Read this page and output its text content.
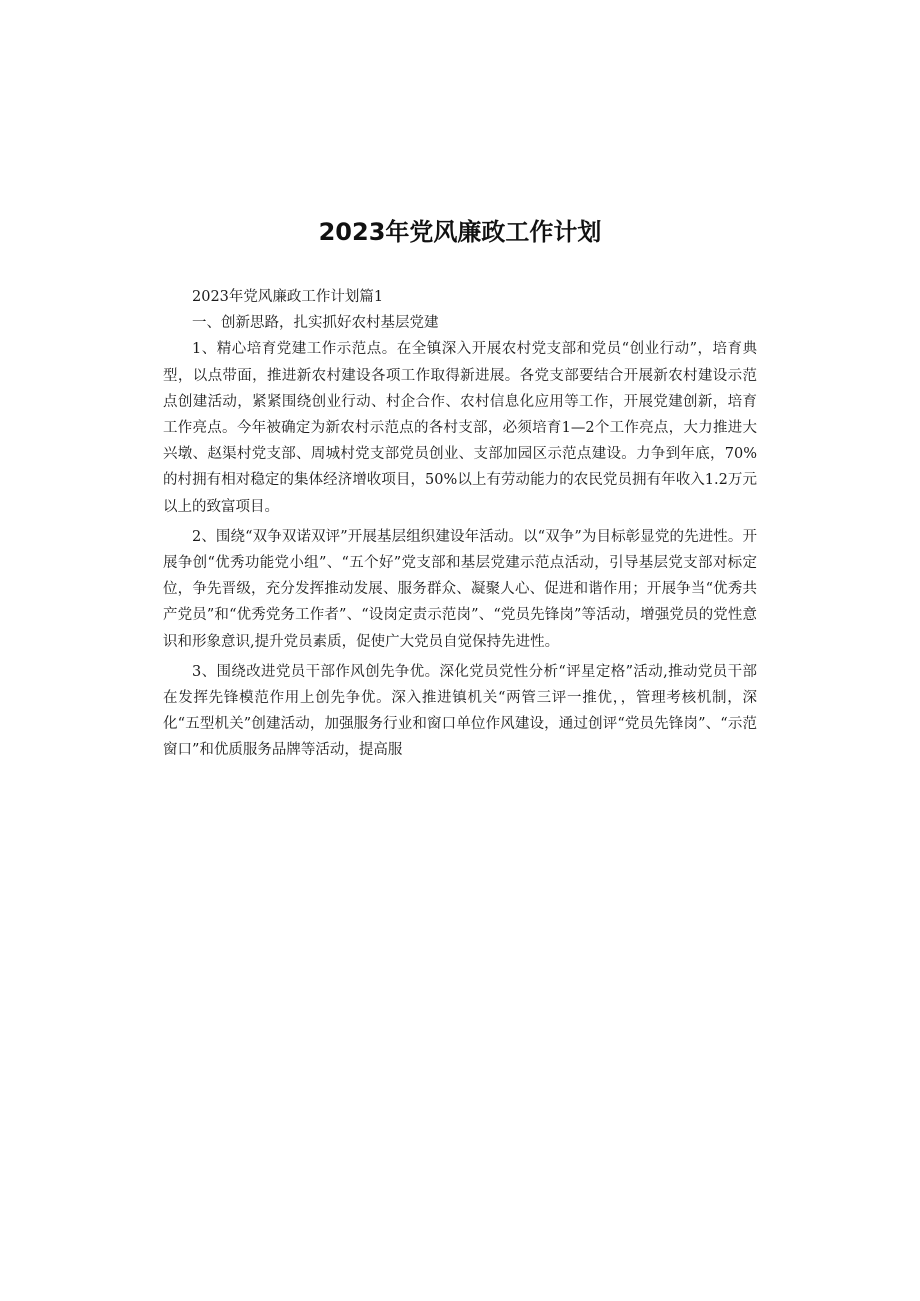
2023年党风廉政工作计划

2023年党风廉政工作计划篇1

一、创新思路，扎实抓好农村基层党建

1、精心培育党建工作示范点。在全镇深入开展农村党支部和党员“创业行动”，培育典型，以点带面，推进新农村建设各项工作取得新进展。各党支部要结合开展新农村建设示范点创建活动，紧紧围绕创业行动、村企合作、农村信息化应用等工作，开展党建创新，培育工作亮点。今年被确定为新农村示范点的各村支部，必须培育1—2个工作亮点，大力推进大兴墩、赵渠村党支部、周城村党支部党员创业、支部加园区示范点建设。力争到年底，70%的村拥有相对稳定的集体经济增收项目，50%以上有劳动能力的农民党员拥有年收入1.2万元以上的致富项目。

2、围绕“双争双诺双评”开展基层组织建设年活动。以“双争”为目标彰显党的先进性。开展争创“优秀功能党小组”、“五个好”党支部和基层党建示范点活动，引导基层党支部对标定位，争先晋级，充分发挥推动发展、服务群众、凝聚人心、促进和谐作用；开展争当“优秀共产党员”和“优秀党务工作者”、“设岗定责示范岗”、“党员先锋岗”等活动，增强党员的党性意识和形象意识,提升党员素质，促使广大党员自觉保持先进性。

3、围绕改进党员干部作风创先争优。深化党员党性分析“评星定格”活动,推动党员干部在发挥先锋模范作用上创先争优。深入推进镇机关“两管三评一推优，，管理考核机制，深化“五型机关”创建活动，加强服务行业和窗口单位作风建设，通过创评“党员先锋岗”、“示范窗口”和优质服务品牌等活动，提高服
